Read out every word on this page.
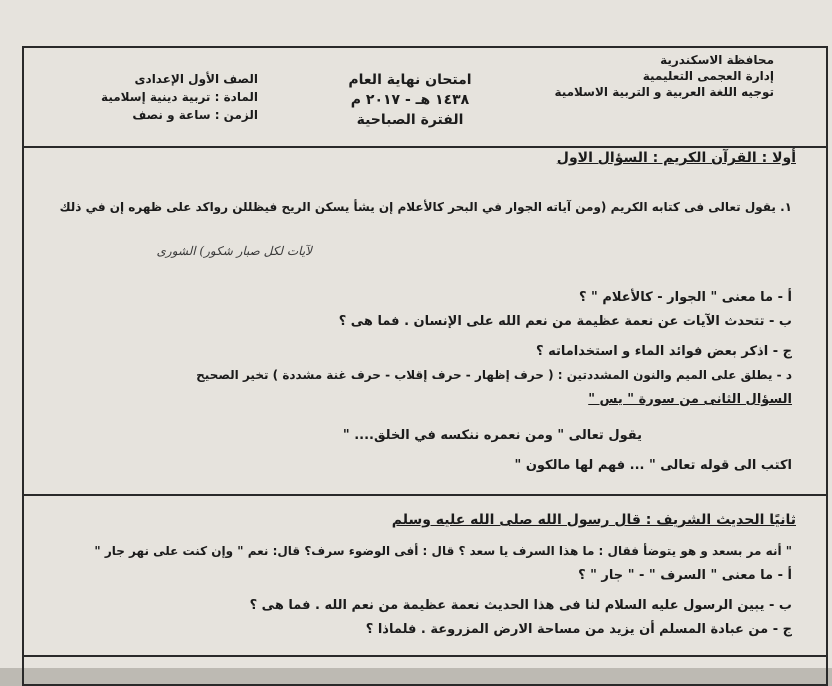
محافظة الاسكندرية
إدارة العجمى التعليمية
توجيه اللغة العربية و التربية الاسلامية
امتحان نهاية العام
١٤٣٨ هـ - ٢٠١٧ م
الفترة الصباحية
الصف الأول الإعدادى
المادة : تربية دينية إسلامية
الزمن : ساعة و نصف
أولا : القرآن الكريم : السؤال الاول
١. يقول تعالى فى كتابه الكريم (ومن آياته الجوار في البحر كالأعلام إن يشأ يسكن الريح فيظللن رواكد على ظهره إن في ذلك
لآيات لكل صبار شكور) الشورى
أ - ما معنى " الجوار - كالأعلام " ؟
ب - تتحدث الآيات عن نعمة عظيمة من نعم الله على الإنسان . فما هى ؟
ج - اذكر بعض فوائد الماء و استخداماته ؟
د - يطلق على الميم والنون المشددتين : ( حرف إظهار - حرف إقلاب - حرف غنة مشددة ) تخير الصحيح
السؤال الثانى من سورة " يس "
يقول تعالى " ومن نعمره ننكسه في الخلق.... "
اكتب الى قوله تعالى " ... فهم لها مالكون "
ثانيًا الحديث الشريف : قال رسول الله صلى الله عليه وسلم
" أنه مر بسعد و هو يتوضأ فقال : ما هذا السرف يا سعد ؟ قال : أفى الوضوء سرف؟ قال: نعم " وإن كنت على نهر جار "
أ - ما معنى " السرف " - " جار " ؟
ب - يبين الرسول عليه السلام لنا فى هذا الحديث نعمة عظيمة من نعم الله . فما هى ؟
ج - من عبادة المسلم أن يزيد من مساحة الارض المزروعة . فلماذا ؟
